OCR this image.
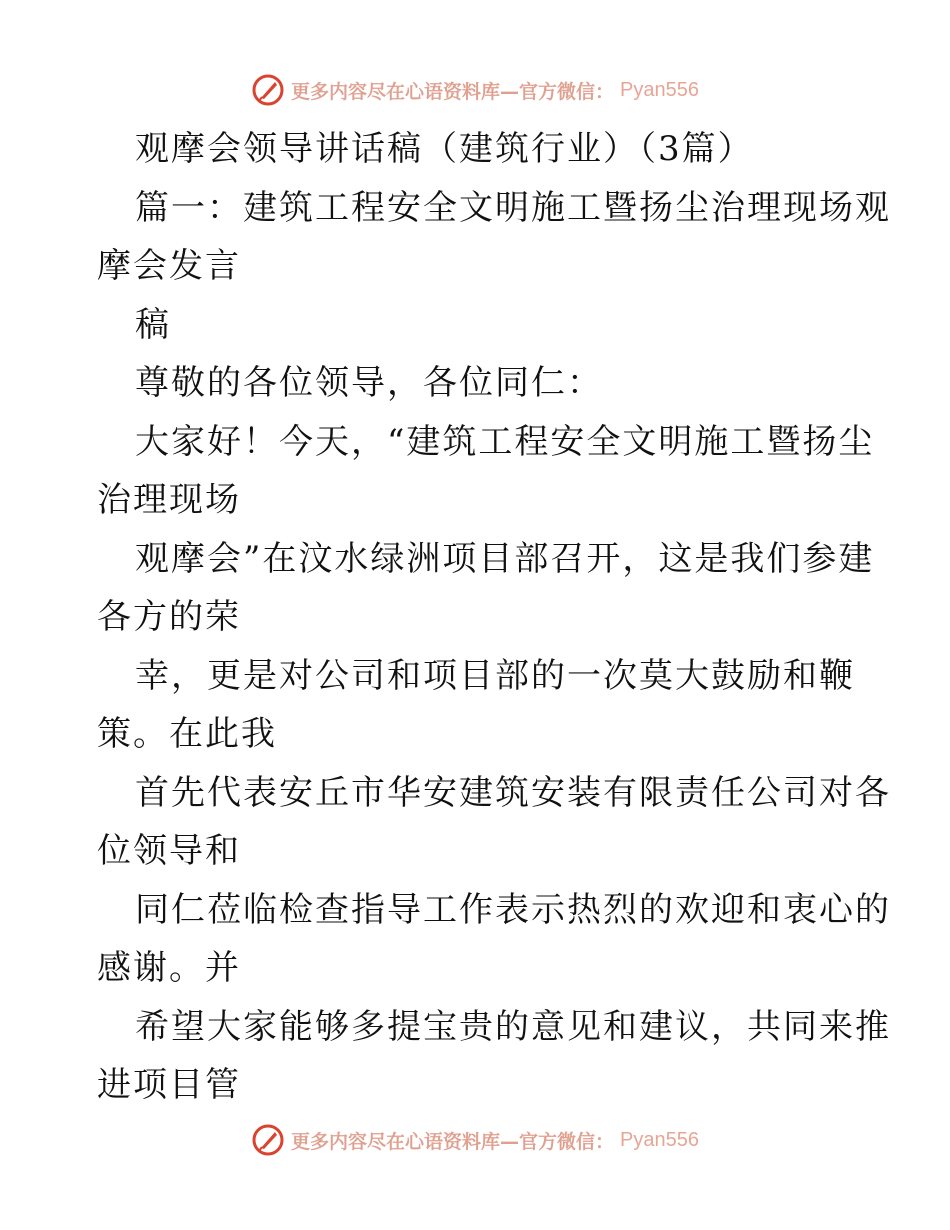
更多内容尽在心语资料库—官方微信： Pyan556
观摩会领导讲话稿（建筑行业）（3篇）
篇一：建筑工程安全文明施工暨扬尘治理现场观
摩会发言
稿
尊敬的各位领导，各位同仁：
大家好！今天，“建筑工程安全文明施工暨扬尘
治理现场
观摩会”在汶水绿洲项目部召开，这是我们参建
各方的荣
幸，更是对公司和项目部的一次莫大鼓励和鞭
策。在此我
首先代表安丘市华安建筑安装有限责任公司对各
位领导和
同仁莅临检查指导工作表示热烈的欢迎和衷心的
感谢。并
希望大家能够多提宝贵的意见和建议，共同来推
进项目管
更多内容尽在心语资料库—官方微信： Pyan556
